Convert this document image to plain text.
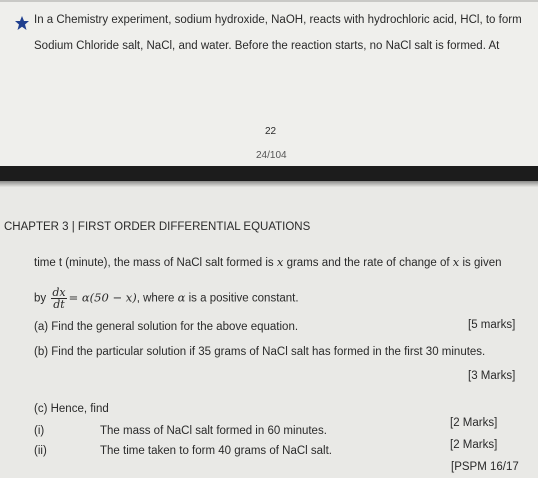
In a Chemistry experiment, sodium hydroxide, NaOH, reacts with hydrochloric acid, HCl, to form
Sodium Chloride salt, NaCl, and water. Before the reaction starts, no NaCl salt is formed. At
22
24/104
CHAPTER 3 | FIRST ORDER DIFFERENTIAL EQUATIONS
time t (minute), the mass of NaCl salt formed is x grams and the rate of change of x is given
by $\frac{dx}{dt} = \alpha(50 - x)$, where α is a positive constant.
(a) Find the general solution for the above equation.	[5 marks]
(b) Find the particular solution if 35 grams of NaCl salt has formed in the first 30 minutes.
[3 Marks]
(c) Hence, find
(i)	The mass of NaCl salt formed in 60 minutes.
[2 Marks]
(ii)	The time taken to form 40 grams of NaCl salt.	[2 Marks]
[PSPM 16/17
